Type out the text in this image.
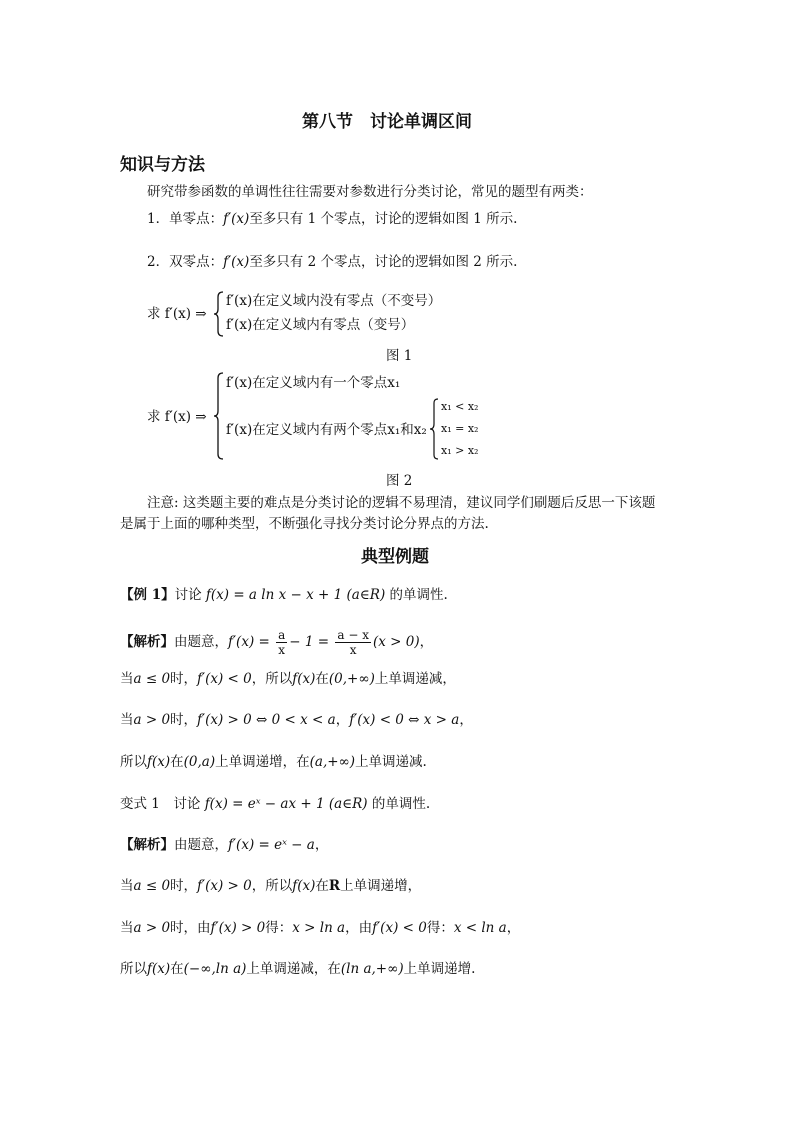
第八节　讨论单调区间
知识与方法
研究带参函数的单调性往往需要对参数进行分类讨论，常见的题型有两类：
1．单零点：f′(x)至多只有 1 个零点，讨论的逻辑如图 1 所示.
2．双零点：f′(x)至多只有 2 个零点，讨论的逻辑如图 2 所示.
求 f′(x) ⇒
f′(x)在定义域内没有零点（不变号）
f′(x)在定义域内有零点（变号）
图 1
求 f′(x) ⇒
f′(x)在定义域内有一个零点x₁
f′(x)在定义域内有两个零点x₁和x₂
x₁ < x₂
x₁ = x₂
x₁ > x₂
图 2
注意: 这类题主要的难点是分类讨论的逻辑不易理清，建议同学们刷题后反思一下该题
是属于上面的哪种类型，不断强化寻找分类讨论分界点的方法.
典型例题
【例 1】讨论 f(x) = a ln x − x + 1 (a∈R) 的单调性.
【解析】由题意，$f'(x) = \frac{a}{x} - 1 = \frac{a - x}{x} (x > 0)$，
当a ≤ 0时，f′(x) < 0，所以f(x)在(0,+∞)上单调递减，
当a > 0时，f′(x) > 0 ⇔ 0 < x < a，f′(x) < 0 ⇔ x > a，
所以f(x)在(0,a)上单调递增，在(a,+∞)上单调递减.
变式 1　讨论 f(x) = eˣ − ax + 1 (a∈R) 的单调性.
【解析】由题意，f′(x) = eˣ − a，
当a ≤ 0时，f′(x) > 0，所以f(x)在R上单调递增，
当a > 0时，由f′(x) > 0得：x > ln a，由f′(x) < 0得：x < ln a，
所以f(x)在(−∞,ln a)上单调递减，在(ln a,+∞)上单调递增.
